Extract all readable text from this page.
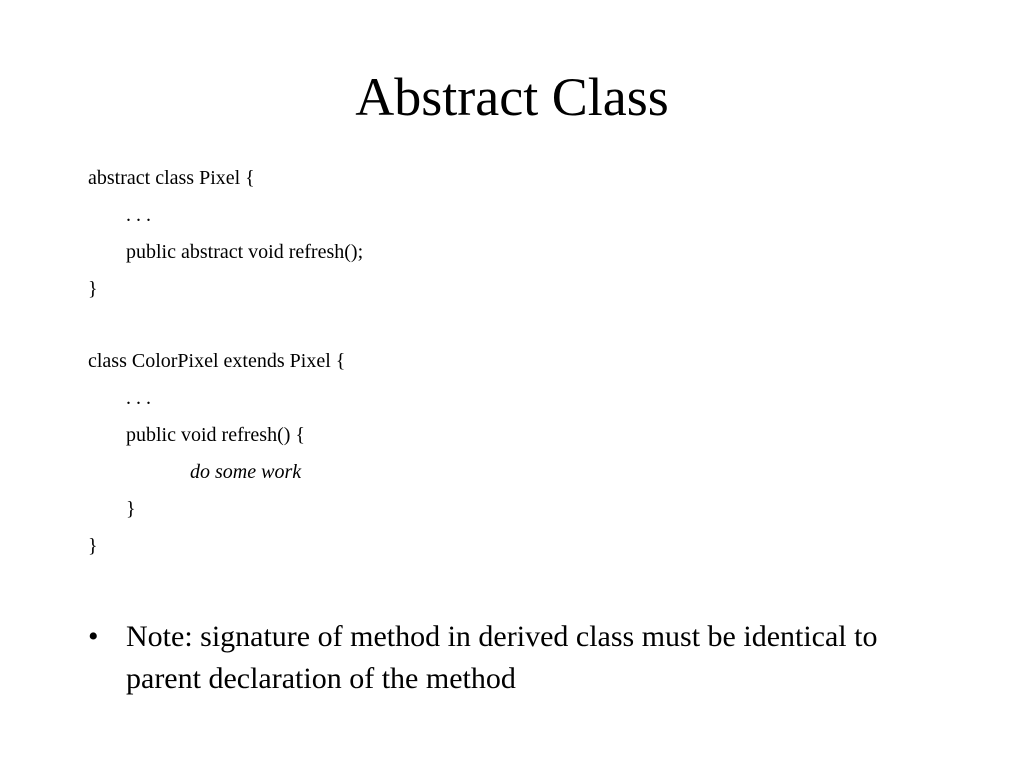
Abstract Class
abstract class Pixel {
. . .
public abstract void refresh();
}
class ColorPixel extends Pixel {
. . .
public void refresh() {
do some work
}
}
• Note: signature of method in derived class must be identical to parent declaration of the method
